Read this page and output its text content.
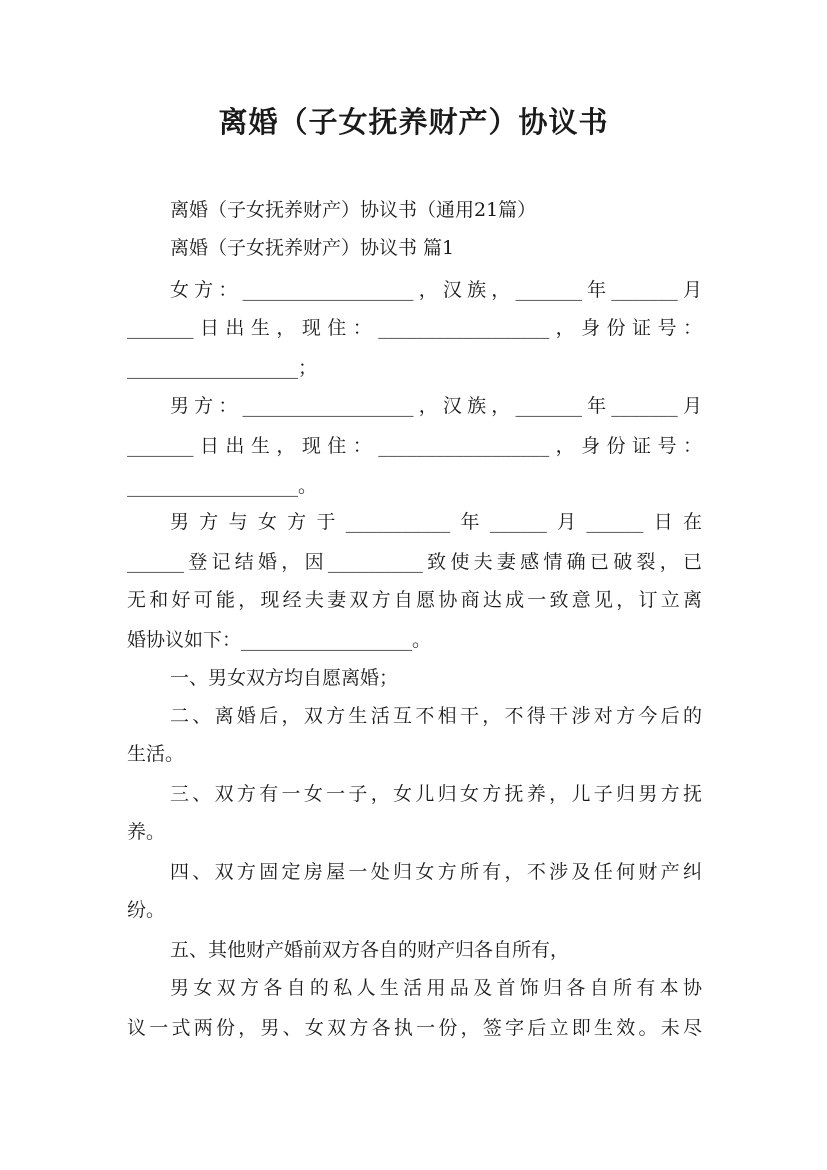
离婚（子女抚养财产）协议书
离婚（子女抚养财产）协议书（通用21篇）
离婚（子女抚养财产）协议书 篇1
女方：__________________，汉族，_______年_______月
_______日出生，现住：__________________，身份证号：
__________________；
男方：__________________，汉族，_______年_______月
_______日出生，现住：__________________，身份证号：
__________________。
男方与女方于___________年______月______日在
______登记结婚，因__________致使夫妻感情确已破裂，已
无和好可能，现经夫妻双方自愿协商达成一致意见，订立离
婚协议如下：__________________。
一、男女双方均自愿离婚；
二、离婚后，双方生活互不相干，不得干涉对方今后的
生活。
三、双方有一女一子，女儿归女方抚养，儿子归男方抚
养。
四、双方固定房屋一处归女方所有，不涉及任何财产纠
纷。
五、其他财产婚前双方各自的财产归各自所有，
男女双方各自的私人生活用品及首饰归各自所有本协
议一式两份，男、女双方各执一份，签字后立即生效。未尽
